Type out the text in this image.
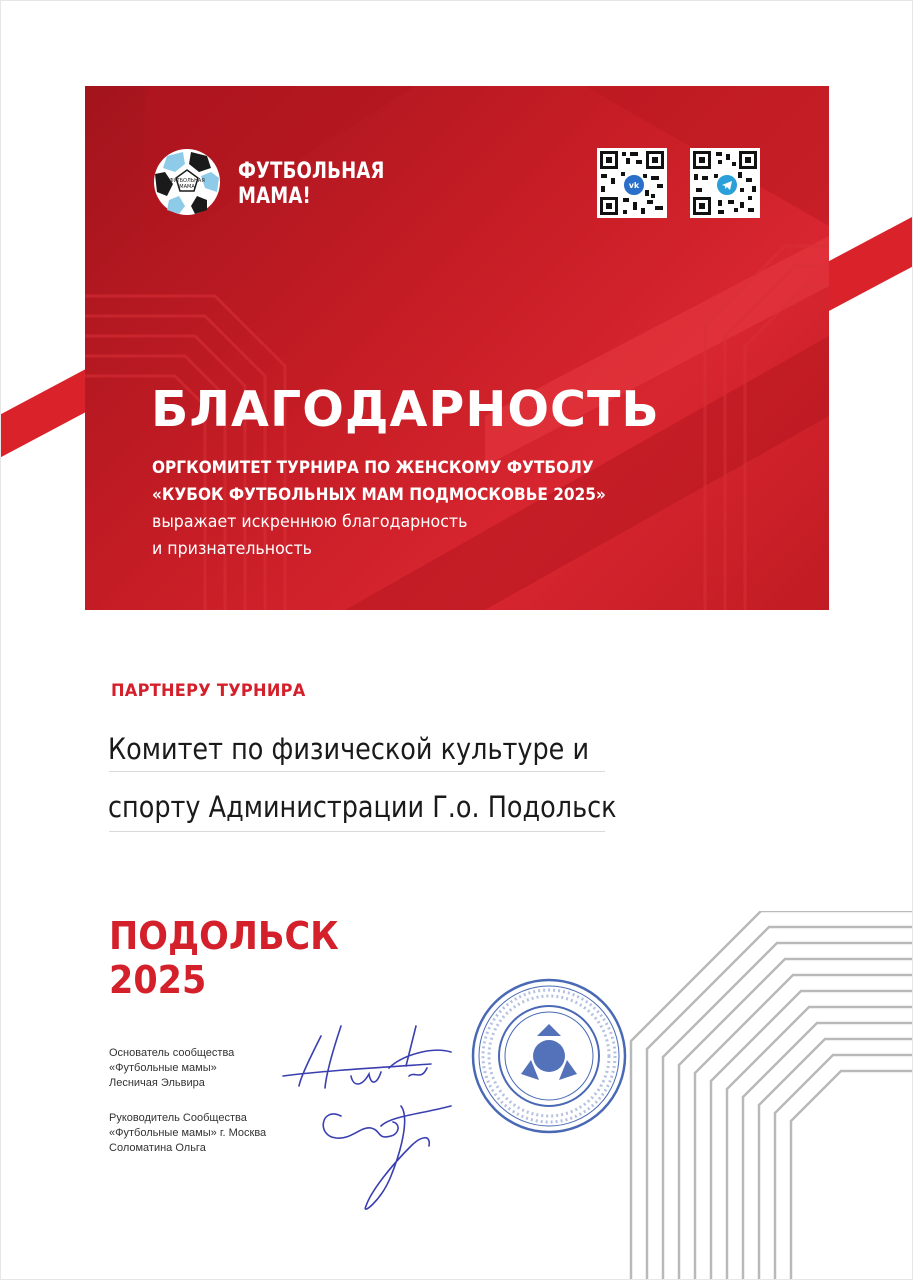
ФУТБОЛЬНАЯ
МАМА
ФУТБОЛЬНАЯ
МАМА!	vk
БЛАГОДАРНОСТЬ
ОРГКОМИТЕТ ТУРНИРА ПО ЖЕНСКОМУ ФУТБОЛУ
«КУБОК ФУТБОЛЬНЫХ МАМ ПОДМОСКОВЬЕ 2025»
выражает искреннюю благодарность
и признательность
ПАРТНЕРУ ТУРНИРА
Комитет по физической культуре и
спорту Администрации Г.о. Подольск
ПОДОЛЬСК
2025
Основатель сообщества
«Футбольные мамы»
Лесничая Эльвира
Руководитель Сообщества
«Футбольные мамы» г. Москва
Соломатина Ольга
